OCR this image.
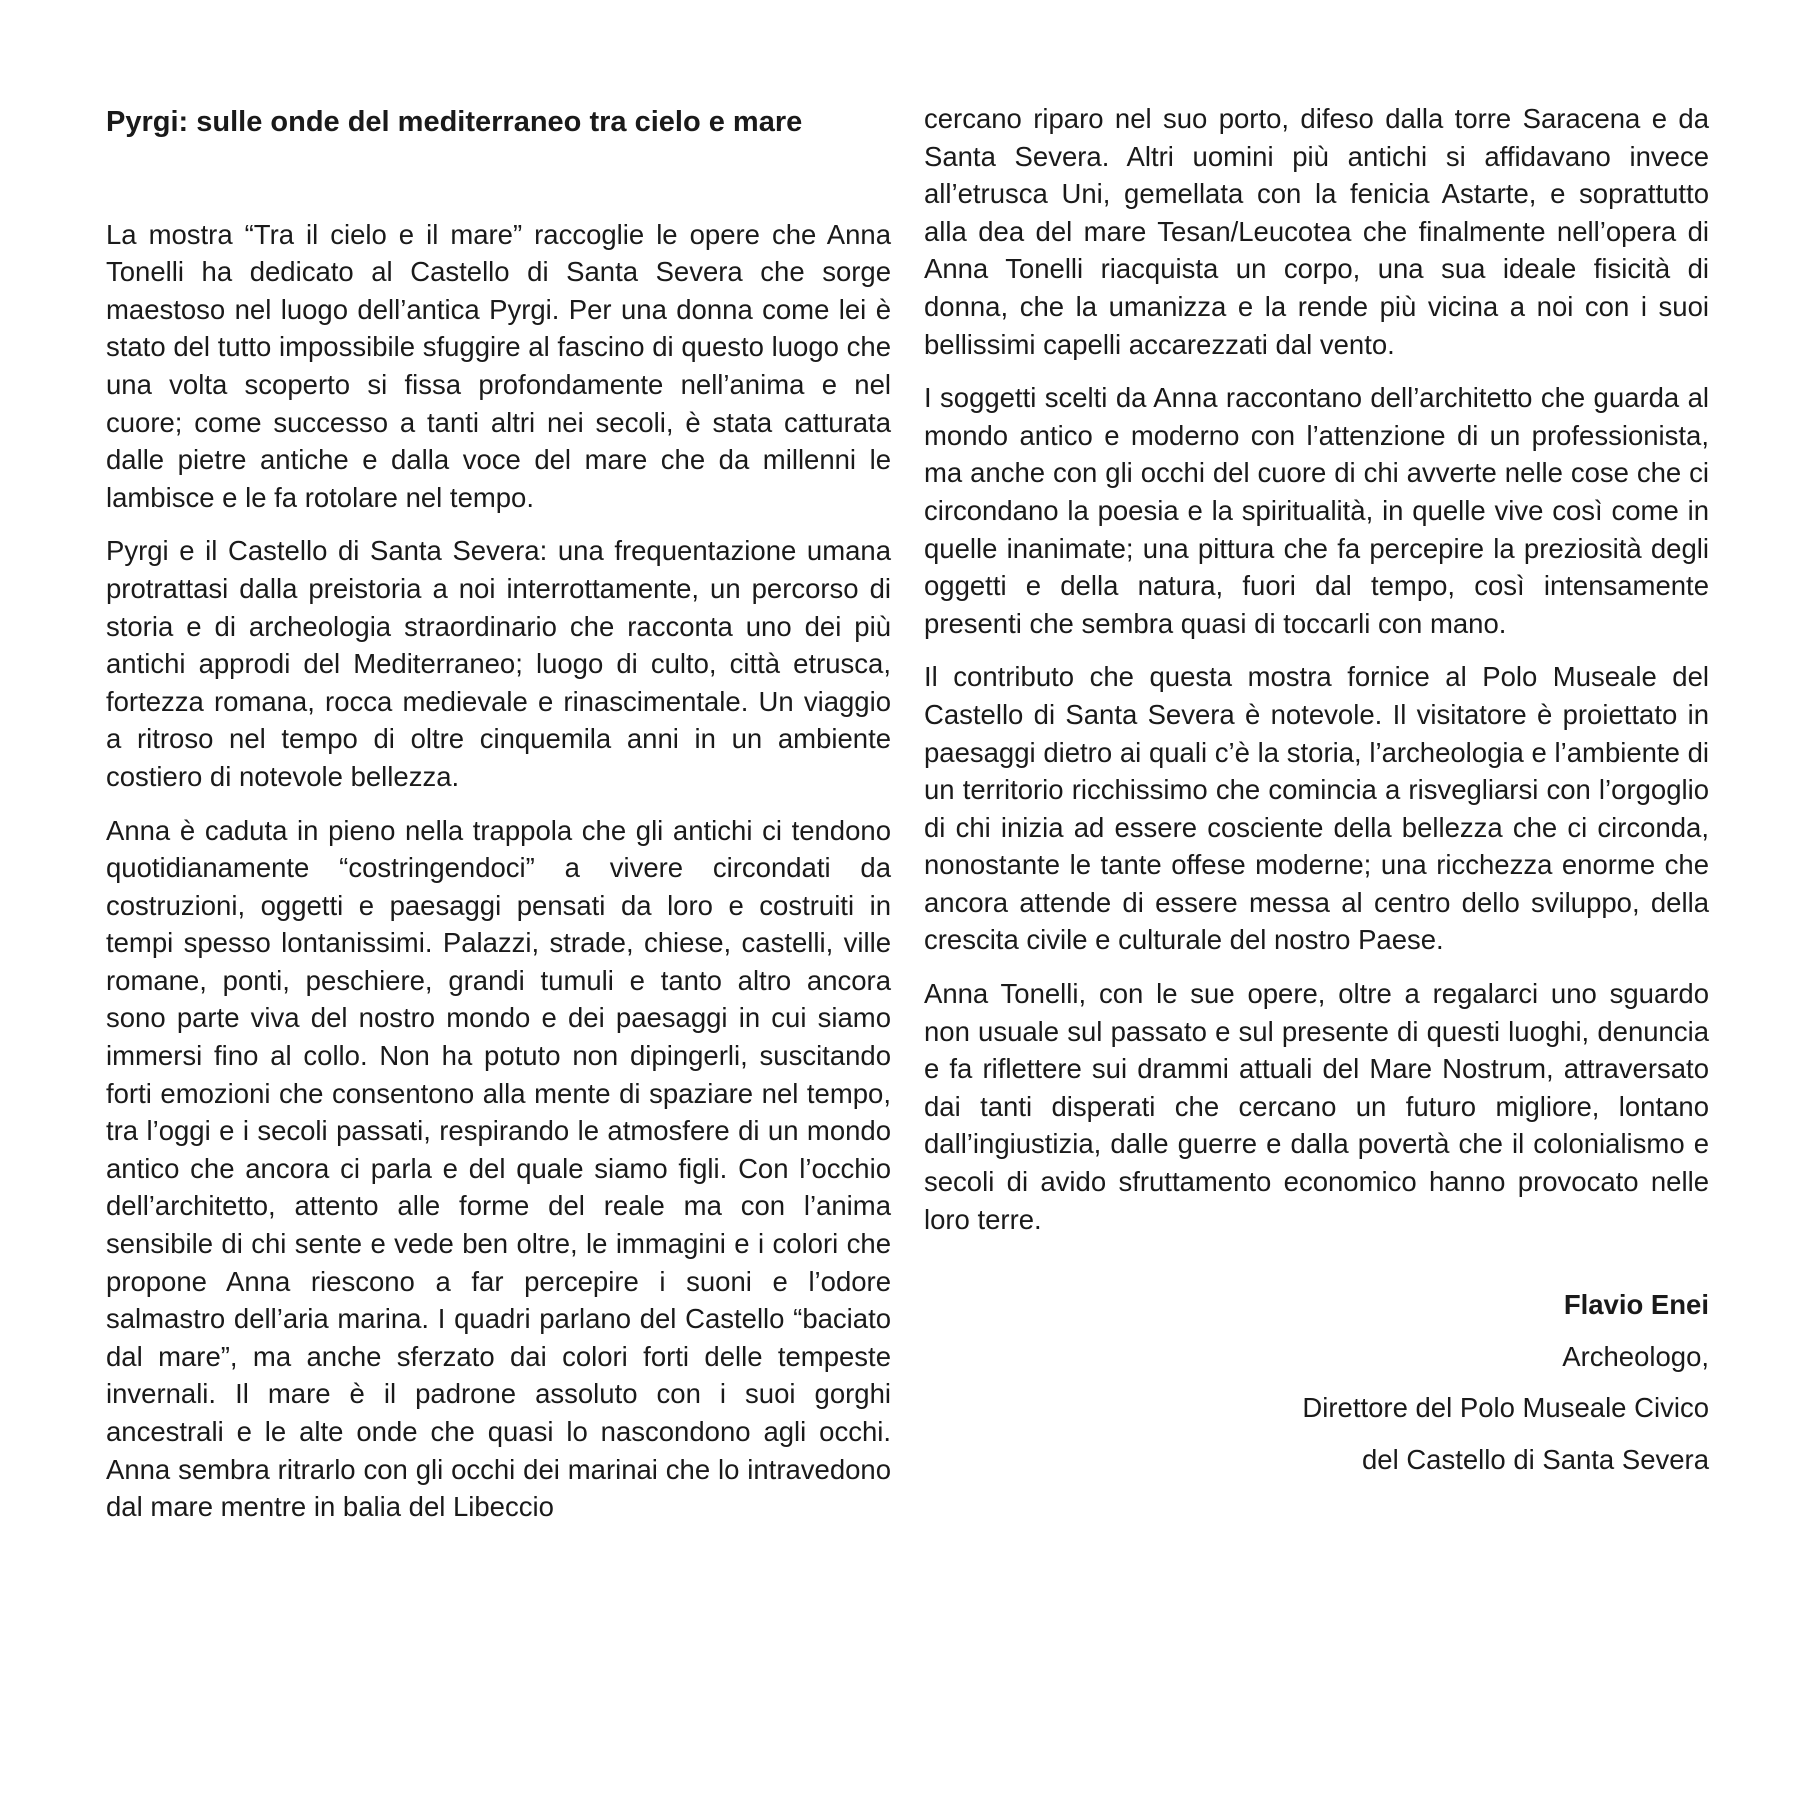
Pyrgi: sulle onde del mediterraneo tra cielo e mare

La mostra “Tra il cielo e il mare” raccoglie le opere che Anna Tonelli ha dedicato al Castello di Santa Severa che sorge maestoso nel luogo dell’antica Pyrgi. Per una donna come lei è stato del tutto impossibile sfuggire al fascino di questo luogo che una volta scoperto si fissa profondamente nell’anima e nel cuore; come successo a tanti altri nei secoli, è stata catturata dalle pietre antiche e dalla voce del mare che da millenni le lambisce e le fa rotolare nel tempo.

Pyrgi e il Castello di Santa Severa: una frequentazione umana protrattasi dalla preistoria a noi interrottamente, un percorso di storia e di archeologia straordinario che racconta uno dei più antichi approdi del Mediterraneo; luogo di culto, città etrusca, fortezza romana, rocca medievale e rinascimentale. Un viaggio a ritroso nel tempo di oltre cinquemila anni in un ambiente costiero di notevole bellezza.

Anna è caduta in pieno nella trappola che gli antichi ci tendono quotidianamente “costringendoci” a vivere circondati da costruzioni, oggetti e paesaggi pensati da loro e costruiti in tempi spesso lontanissimi. Palazzi, strade, chiese, castelli, ville romane, ponti, peschiere, grandi tumuli e tanto altro ancora sono parte viva del nostro mondo e dei paesaggi in cui siamo immersi fino al collo. Non ha potuto non dipingerli, suscitando forti emozioni che consentono alla mente di spaziare nel tempo, tra l’oggi e i secoli passati, respirando le atmosfere di un mondo antico che ancora ci parla e del quale siamo figli. Con l’occhio dell’architetto, attento alle forme del reale ma con l’anima sensibile di chi sente e vede ben oltre, le immagini e i colori che propone Anna riescono a far percepire i suoni e l’odore salmastro dell’aria marina. I quadri parlano del Castello “baciato dal mare”, ma anche sferzato dai colori forti delle tempeste invernali. Il mare è il padrone assoluto con i suoi gorghi ancestrali e le alte onde che quasi lo nascondono agli occhi. Anna sembra ritrarlo con gli occhi dei marinai che lo intravedono dal mare mentre in balia del Libeccio

cercano riparo nel suo porto, difeso dalla torre Saracena e da Santa Severa. Altri uomini più antichi si affidavano invece all’etrusca Uni, gemellata con la fenicia Astarte, e soprattutto alla dea del mare Tesan/Leucotea che finalmente nell’opera di Anna Tonelli riacquista un corpo, una sua ideale fisicità di donna, che la umanizza e la rende più vicina a noi con i suoi bellissimi capelli accarezzati dal vento.

I soggetti scelti da Anna raccontano dell’architetto che guarda al mondo antico e moderno con l’attenzione di un professionista, ma anche con gli occhi del cuore di chi avverte nelle cose che ci circondano la poesia e la spiritualità, in quelle vive così come in quelle inanimate; una pittura che fa percepire la preziosità degli oggetti e della natura, fuori dal tempo, così intensamente presenti che sembra quasi di toccarli con mano.

Il contributo che questa mostra fornice al Polo Museale del Castello di Santa Severa è notevole. Il visitatore è proiettato in paesaggi dietro ai quali c’è la storia, l’archeologia e l’ambiente di un territorio ricchissimo che comincia a risvegliarsi con l’orgoglio di chi inizia ad essere cosciente della bellezza che ci circonda, nonostante le tante offese moderne; una ricchezza enorme che ancora attende di essere messa al centro dello sviluppo, della crescita civile e culturale del nostro Paese.

Anna Tonelli, con le sue opere, oltre a regalarci uno sguardo non usuale sul passato e sul presente di questi luoghi, denuncia e fa riflettere sui drammi attuali del Mare Nostrum, attraversato dai tanti disperati che cercano un futuro migliore, lontano dall’ingiustizia, dalle guerre e dalla povertà che il colonialismo e secoli di avido sfruttamento economico hanno provocato nelle loro terre.

Flavio Enei
Archeologo,
Direttore del Polo Museale Civico
del Castello di Santa Severa
